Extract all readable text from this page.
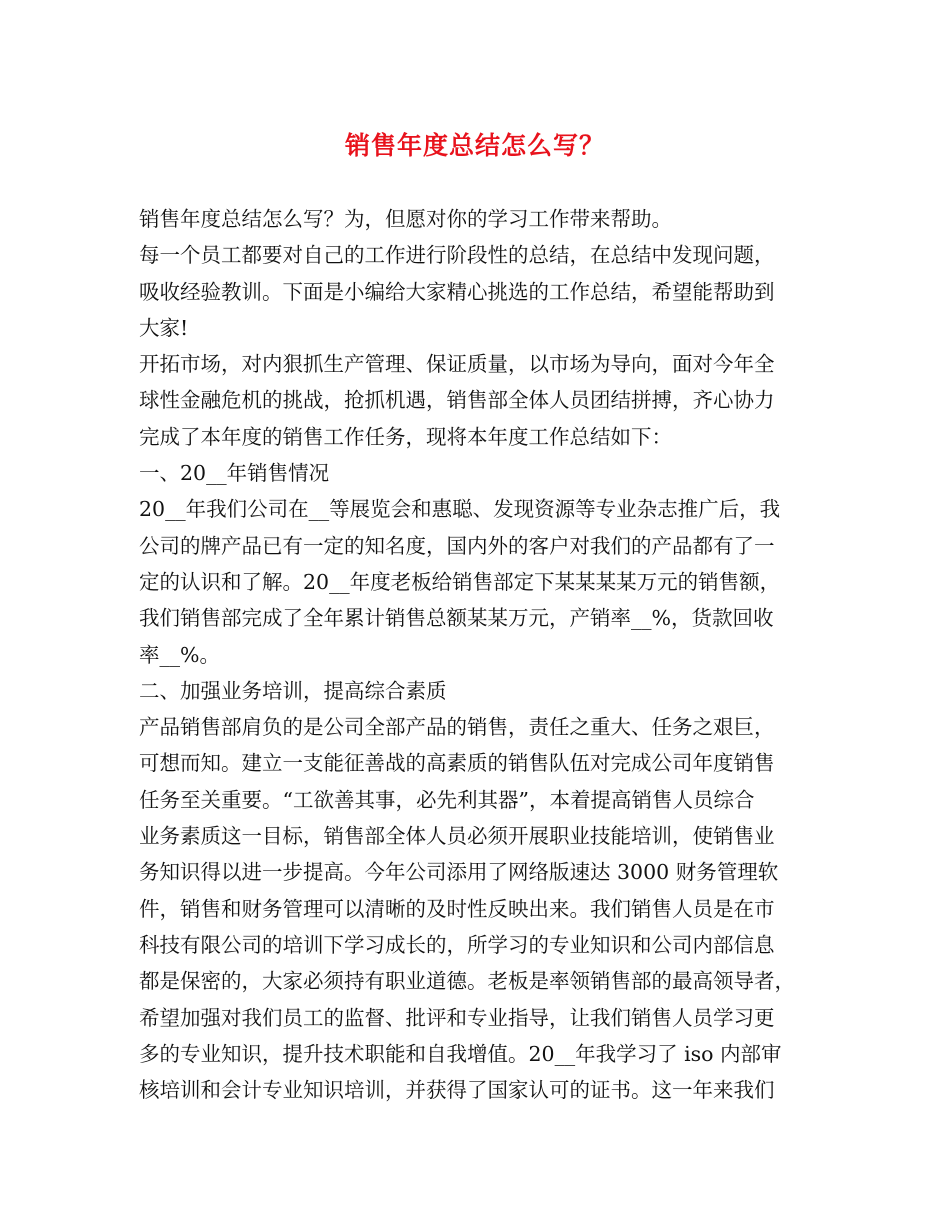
销售年度总结怎么写？
销售年度总结怎么写？为，但愿对你的学习工作带来帮助。
每一个员工都要对自己的工作进行阶段性的总结，在总结中发现问题，
吸收经验教训。下面是小编给大家精心挑选的工作总结，希望能帮助到
大家!
开拓市场，对内狠抓生产管理、保证质量，以市场为导向，面对今年全
球性金融危机的挑战，抢抓机遇，销售部全体人员团结拼搏，齐心协力
完成了本年度的销售工作任务，现将本年度工作总结如下：
一、20__年销售情况
20__年我们公司在__等展览会和惠聪、发现资源等专业杂志推广后，我
公司的牌产品已有一定的知名度，国内外的客户对我们的产品都有了一
定的认识和了解。20__年度老板给销售部定下某某某某万元的销售额，
我们销售部完成了全年累计销售总额某某万元，产销率__%，货款回收
率__%。
二、加强业务培训，提高综合素质
产品销售部肩负的是公司全部产品的销售，责任之重大、任务之艰巨，
可想而知。建立一支能征善战的高素质的销售队伍对完成公司年度销售
任务至关重要。“工欲善其事，必先利其器”，本着提高销售人员综合
业务素质这一目标，销售部全体人员必须开展职业技能培训，使销售业
务知识得以进一步提高。今年公司添用了网络版速达 3000 财务管理软
件，销售和财务管理可以清晰的及时性反映出来。我们销售人员是在市
科技有限公司的培训下学习成长的，所学习的专业知识和公司内部信息
都是保密的，大家必须持有职业道德。老板是率领销售部的最高领导者，
希望加强对我们员工的监督、批评和专业指导，让我们销售人员学习更
多的专业知识，提升技术职能和自我增值。20__年我学习了 iso 内部审
核培训和会计专业知识培训，并获得了国家认可的证书。这一年来我们
